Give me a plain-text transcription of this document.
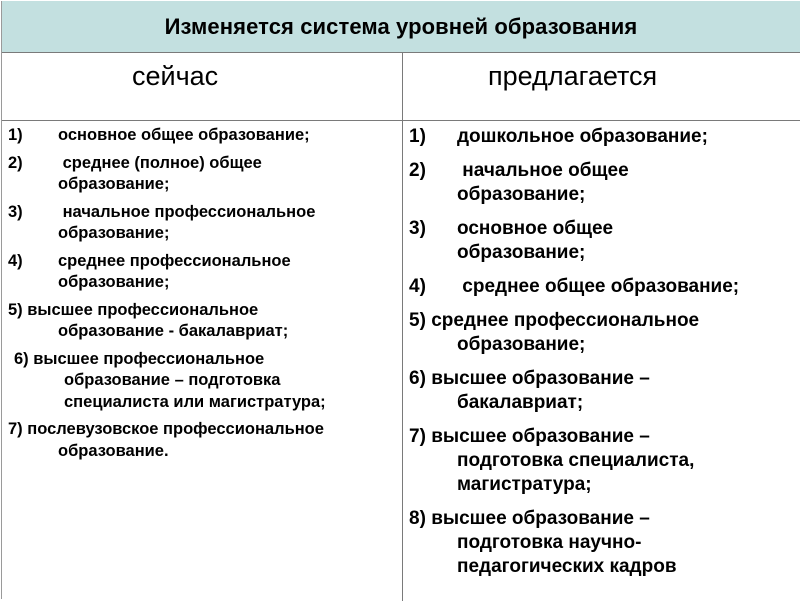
Изменяется система уровней образования
сейчас	предлагается
1)	основное общее образование;
2)	среднее (полное) общее
образование;
3)	начальное профессиональное
образование;
4)	среднее профессиональное
образование;
5) высшее профессиональное
образование - бакалавриат;
6) высшее профессиональное
образование – подготовка
специалиста или магистратура;
7) послевузовское профессиональное
образование.
1)	дошкольное образование;
2)	начальное общее
образование;
3)	основное общее
образование;
4)	среднее общее образование;
5) среднее профессиональное
образование;
6) высшее образование –
бакалавриат;
7) высшее образование –
подготовка специалиста,
магистратура;
8) высшее образование –
подготовка научно-
педагогических кадров
